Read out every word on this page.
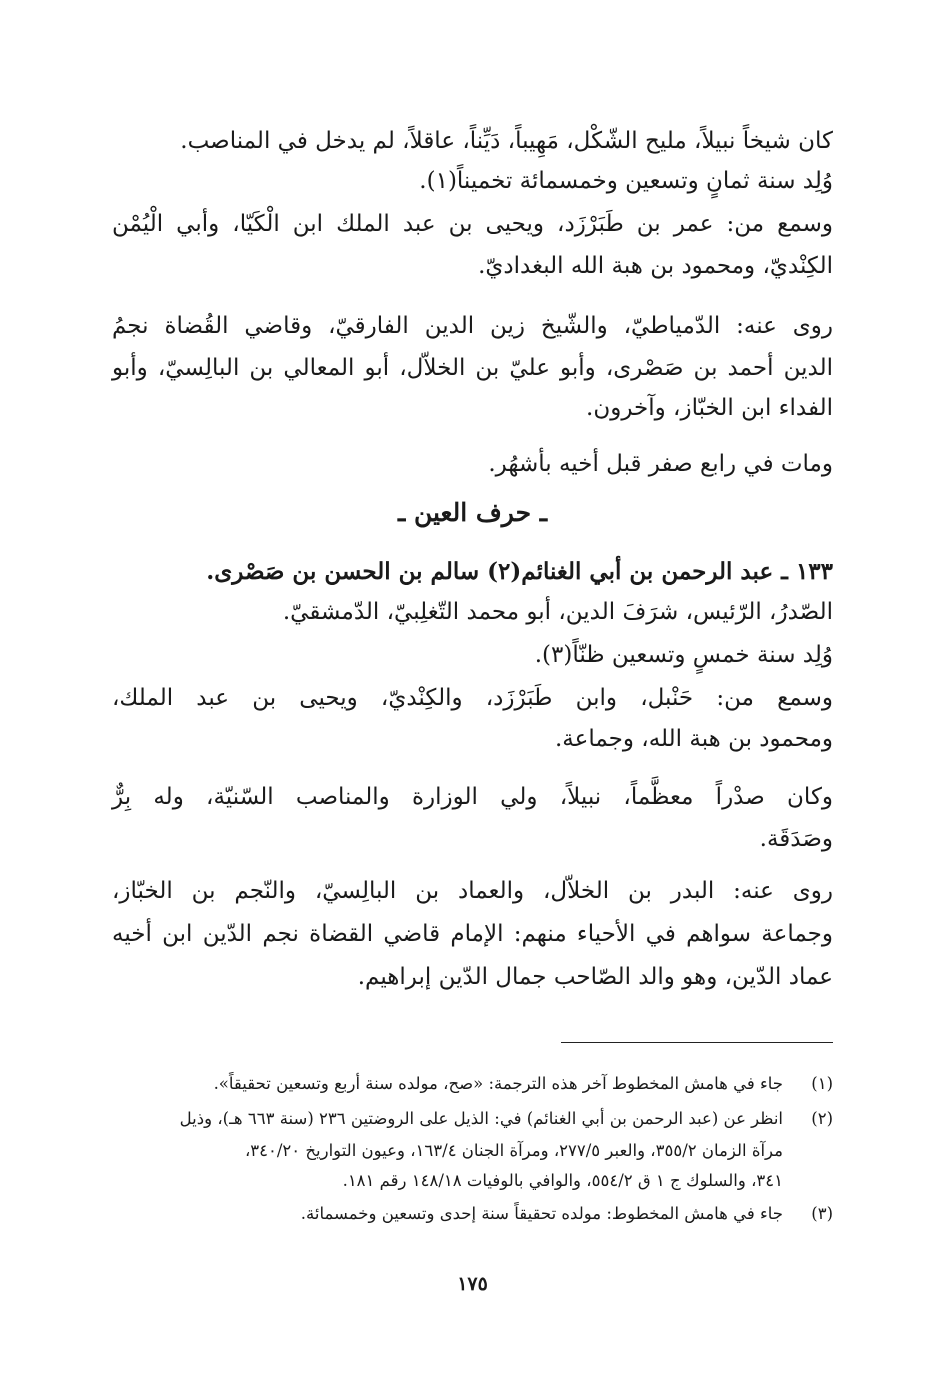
كان شيخاً نبيلاً، مليح الشّكْل، مَهِيباً، دَيِّناً، عاقلاً، لم يدخل في المناصب.
وُلِد سنة ثمانٍ وتسعين وخمسمائة تخميناً(١).
وسمع من: عمر بن طَبَرْزَد، ويحيى بن عبد الملك ابن الْكَيّا، وأبي الْيُمْن
الكِنْديّ، ومحمود بن هبة الله البغداديّ.
روى عنه: الدّمياطيّ، والشّيخ زين الدين الفارقيّ، وقاضي القُضاة نجمُ
الدين أحمد بن صَصْرى، وأبو عليّ بن الخلاّل، أبو المعالي بن البالِسيّ، وأبو
الفداء ابن الخبّاز، وآخرون.
ومات في رابع صفر قبل أخيه بأشهُر.
ـ حرف العين ـ
١٣٣ ـ عبد الرحمن بن أبي الغنائم(٢) سالم بن الحسن بن صَصْرى.
الصّدرُ، الرّئيس، شرَفَ الدين، أبو محمد التّغلِبيّ، الدّمشقيّ.
وُلِد سنة خمسٍ وتسعين ظنّاً(٣).
وسمع من: حَنْبل، وابن طَبَرْزَد، والكِنْديّ، ويحيى بن عبد الملك،
ومحمود بن هبة الله، وجماعة.
وكان صدْراً معظَّماً، نبيلاً، ولي الوزارة والمناصب السّنيّة، وله بِرٌّ
وصَدَقَة.
روى عنه: البدر بن الخلاّل، والعماد بن البالِسيّ، والنّجم بن الخبّاز،
وجماعة سواهم في الأحياء منهم: الإمام قاضي القضاة نجم الدّين ابن أخيه
عماد الدّين، وهو والد الصّاحب جمال الدّين إبراهيم.
(١)جاء في هامش المخطوط آخر هذه الترجمة: «صح، مولده سنة أربع وتسعين تحقيقاً».
(٢)انظر عن (عبد الرحمن بن أبي الغنائم) في: الذيل على الروضتين ٢٣٦ (سنة ٦٦٣ هـ)، وذيل
مرآة الزمان ٣٥٥/٢، والعبر ٢٧٧/٥، ومرآة الجنان ١٦٣/٤، وعيون التواريخ ٣٤٠/٢٠،
٣٤١، والسلوك ج ١ ق ٥٥٤/٢، والوافي بالوفيات ١٤٨/١٨ رقم ١٨١.
(٣)جاء في هامش المخطوط: مولده تحقيقاً سنة إحدى وتسعين وخمسمائة.
١٧٥
